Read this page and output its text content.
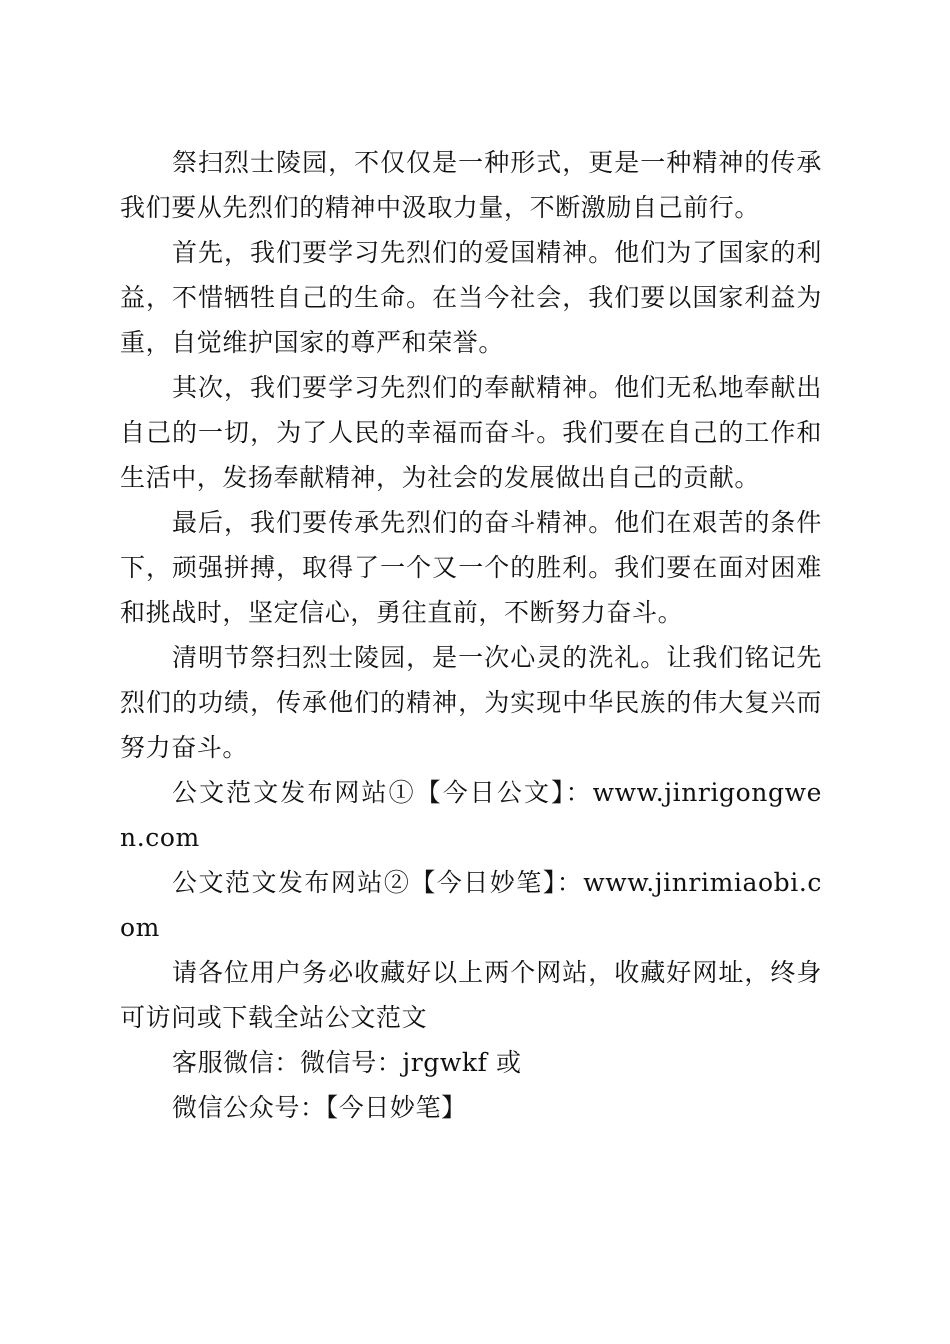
祭扫烈士陵园，不仅仅是一种形式，更是一种精神的传承我们要从先烈们的精神中汲取力量，不断激励自己前行。

首先，我们要学习先烈们的爱国精神。他们为了国家的利益，不惜牺牲自己的生命。在当今社会，我们要以国家利益为重，自觉维护国家的尊严和荣誉。

其次，我们要学习先烈们的奉献精神。他们无私地奉献出自己的一切，为了人民的幸福而奋斗。我们要在自己的工作和生活中，发扬奉献精神，为社会的发展做出自己的贡献。

最后，我们要传承先烈们的奋斗精神。他们在艰苦的条件下，顽强拼搏，取得了一个又一个的胜利。我们要在面对困难和挑战时，坚定信心，勇往直前，不断努力奋斗。

清明节祭扫烈士陵园，是一次心灵的洗礼。让我们铭记先烈们的功绩，传承他们的精神，为实现中华民族的伟大复兴而努力奋斗。

公文范文发布网站①【今日公文】：www.jinrigongwen.com

公文范文发布网站②【今日妙笔】：www.jinrimiaobi.com

请各位用户务必收藏好以上两个网站，收藏好网址，终身可访问或下载全站公文范文

客服微信：微信号：jrgwkf 或

微信公众号：【今日妙笔】
